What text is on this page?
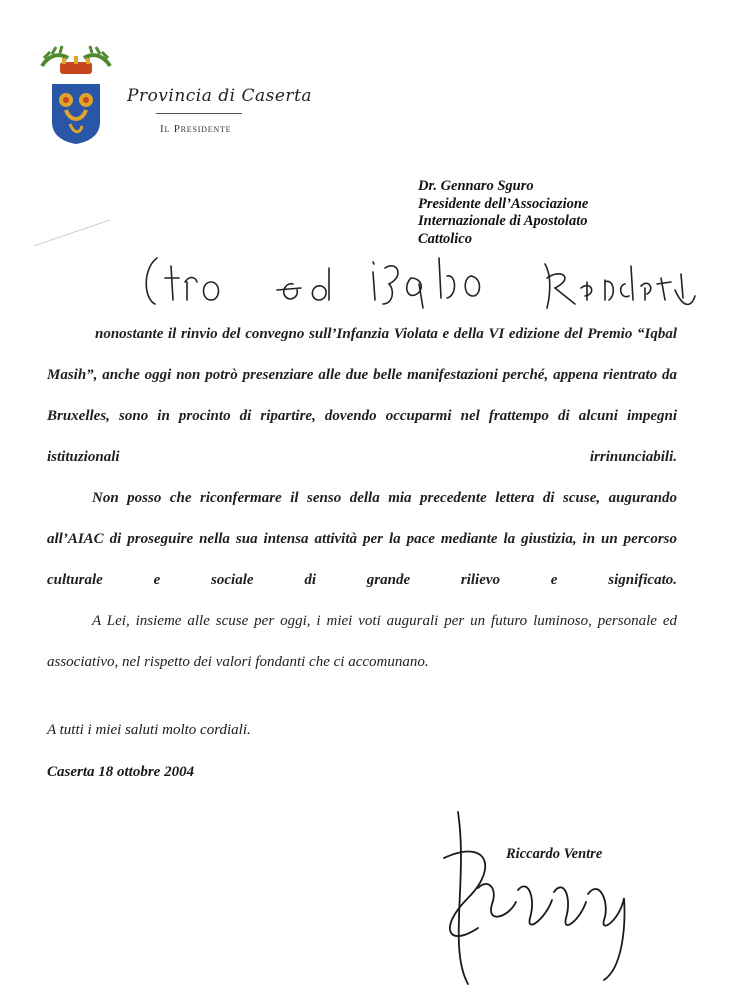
Provincia di Caserta
Il Presidente
Dr. Gennaro Sguro
Presidente dell’Associazione
Internazionale di Apostolato
Cattolico

nonostante il rinvio del convegno sull’Infanzia Violata e della VI edizione del Premio “Iqbal Masih”, anche oggi non potrò presenziare alle due belle manifestazioni perché, appena rientrato da Bruxelles, sono in procinto di ripartire, dovendo occuparmi nel frattempo di alcuni impegni istituzionali irrinunciabili.

Non posso che riconfermare il senso della mia precedente lettera di scuse, augurando all’AIAC di proseguire nella sua intensa attività per la pace mediante la giustizia, in un percorso culturale e sociale di grande rilievo e significato.

A Lei, insieme alle scuse per oggi, i miei voti augurali per un futuro luminoso, personale ed associativo, nel rispetto dei valori fondanti che ci accomunano.

A tutti i miei saluti molto cordiali.
Caserta 18 ottobre 2004
Riccardo Ventre
